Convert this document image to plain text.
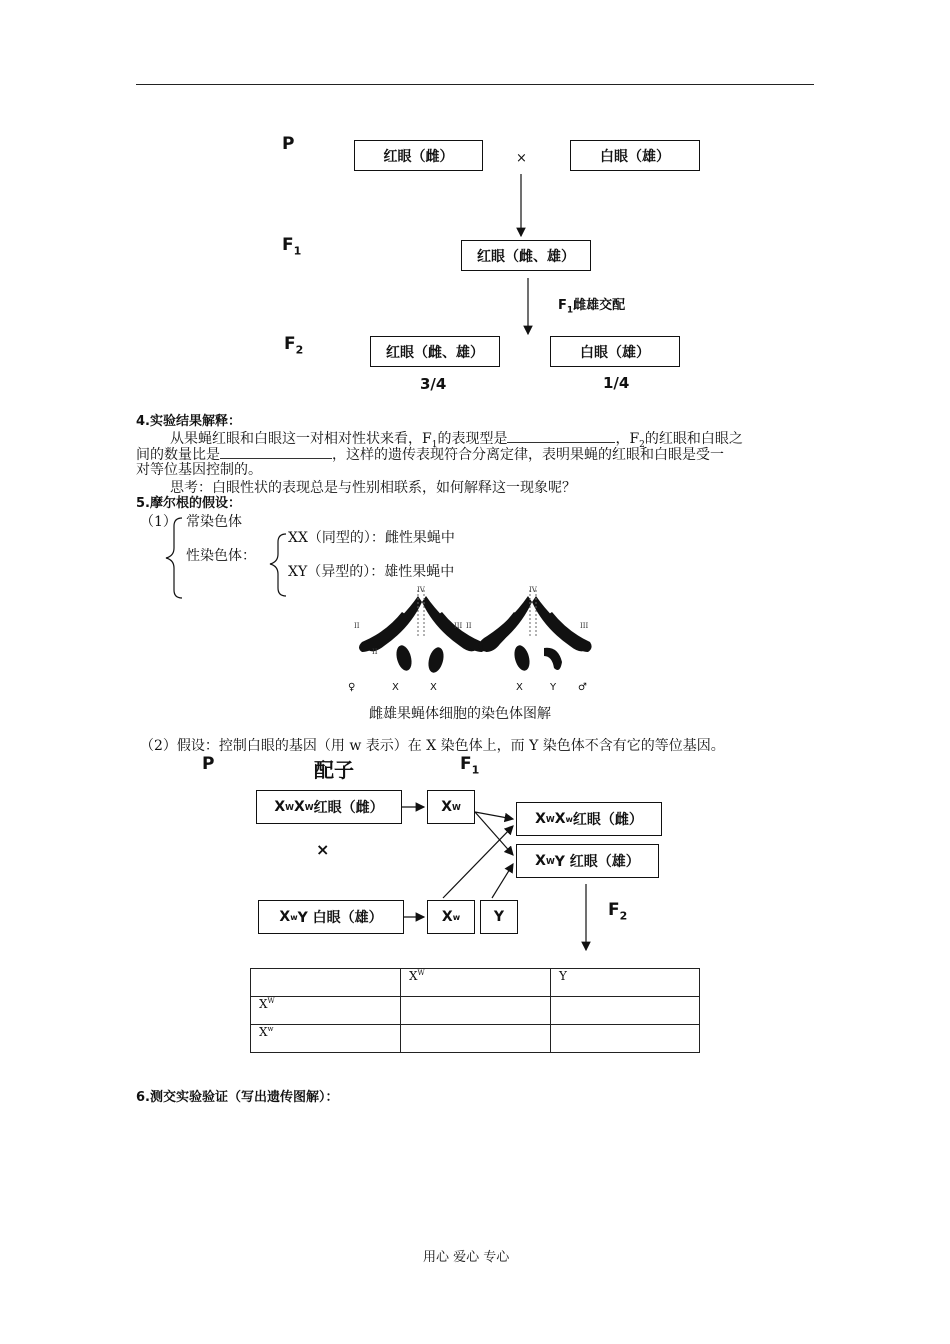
P
$F_1$
$F_2$
红眼（雌）	×	白眼（雄）
红眼（雌、雄）
$F_1$雌雄交配
红眼（雌、雄）	白眼（雄）
3/4	1/4
4.实验结果解释：
从果蝇红眼和白眼这一对相对性状来看，$F_1$的表现型是	，$F_2$的红眼和白眼之
间的数量比是	，这样的遗传表现符合分离定律，表明果蝇的红眼和白眼是受一
对等位基因控制的。
思考：白眼性状的表现总是与性别相联系，如何解释这一现象呢？
5.摩尔根的假设：
（1） 常染色体
性染色体：
XX（同型的）：雌性果蝇中
XY（异型的）：雄性果蝇中
IV	IV
II	III
II
II	III
♀	X	X	X	Y ♂
雌雄果蝇体细胞的染色体图解
（2）假设：控制白眼的基因（用 w 表示）在 X 染色体上，而 Y 染色体不含有它的等位基因。
P	配子	$F_1$
X W X W 红眼（雌）	X W
×
X w Y 白眼（雄）	X w Y
X W X w 红眼（雌）
X W Y 红眼（雄）
$F_2$
	$X^W$	Y
$X^W$		
$X^w$		
6.测交实验验证（写出遗传图解）：
用心 爱心 专心
